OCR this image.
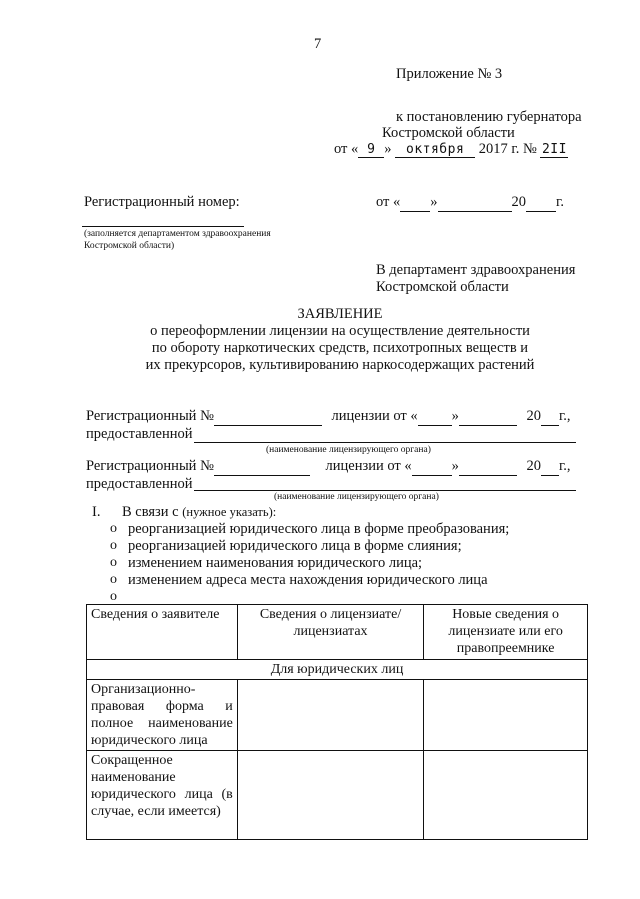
7
Приложение № 3
к постановлению губернатора
Костромской области
от « 9 » октября 2017 г. № 2II
Регистрационный номер:	от « »	20 г.
(заполняется департаментом здравоохранения
Костромской области)
В департамент здравоохранения
Костромской области
ЗАЯВЛЕНИЕ
о переоформлении лицензии на осуществление деятельности
по обороту наркотических средств, психотропных веществ и
их прекурсоров, культивированию наркосодержащих растений
Регистрационный №	лицензии от « »	20 г.,
предоставленной
(наименование лицензирующего органа)
Регистрационный №	лицензии от «	»	20 г.,
предоставленной
(наименование лицензирующего органа)
I. В связи с (нужное указать):
o реорганизацией юридического лица в форме преобразования;
o реорганизацией юридического лица в форме слияния;
o изменением наименования юридического лица;
o изменением адреса места нахождения юридического лица
o
Сведения о заявителе	Сведения о лицензиате/лицензиатах	Новые сведения о лицензиате или его правопреемнике
Для юридических лиц		
Организационно-правовая форма и полное наименование юридического лица		
Сокращенное наименование юридического лица (в случае, если имеется)		
